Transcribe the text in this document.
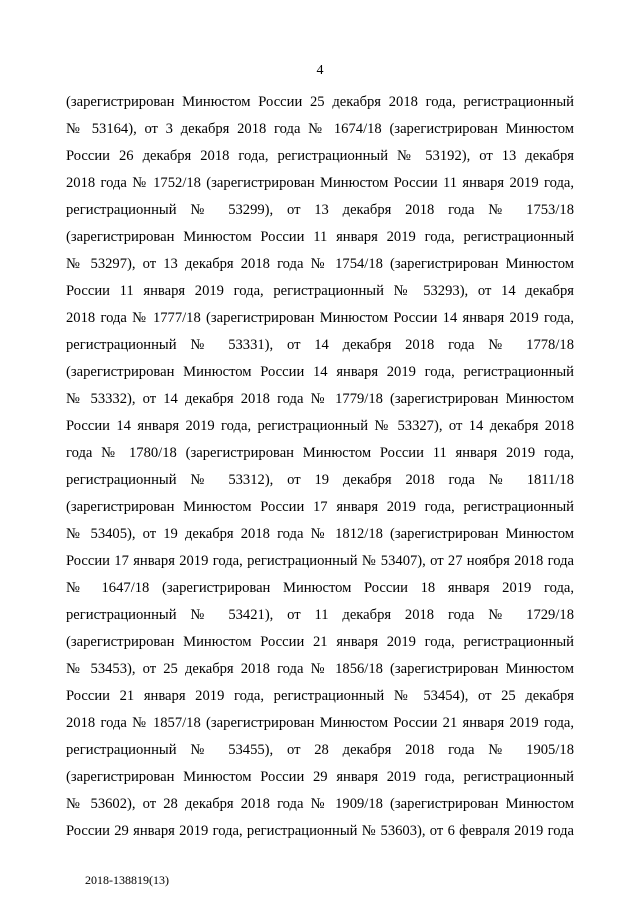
4
(зарегистрирован Минюстом России 25 декабря 2018 года, регистрационный
№ 53164), от 3 декабря 2018 года № 1674/18 (зарегистрирован Минюстом
России 26 декабря 2018 года, регистрационный № 53192), от 13 декабря
2018 года № 1752/18 (зарегистрирован Минюстом России 11 января 2019 года,
регистрационный № 53299), от 13 декабря 2018 года № 1753/18
(зарегистрирован Минюстом России 11 января 2019 года, регистрационный
№ 53297), от 13 декабря 2018 года № 1754/18 (зарегистрирован Минюстом
России 11 января 2019 года, регистрационный № 53293), от 14 декабря
2018 года № 1777/18 (зарегистрирован Минюстом России 14 января 2019 года,
регистрационный № 53331), от 14 декабря 2018 года № 1778/18
(зарегистрирован Минюстом России 14 января 2019 года, регистрационный
№ 53332), от 14 декабря 2018 года № 1779/18 (зарегистрирован Минюстом
России 14 января 2019 года, регистрационный № 53327), от 14 декабря 2018
года № 1780/18 (зарегистрирован Минюстом России 11 января 2019 года,
регистрационный № 53312), от 19 декабря 2018 года № 1811/18
(зарегистрирован Минюстом России 17 января 2019 года, регистрационный
№ 53405), от 19 декабря 2018 года № 1812/18 (зарегистрирован Минюстом
России 17 января 2019 года, регистрационный № 53407), от 27 ноября 2018 года
№ 1647/18 (зарегистрирован Минюстом России 18 января 2019 года,
регистрационный № 53421), от 11 декабря 2018 года № 1729/18
(зарегистрирован Минюстом России 21 января 2019 года, регистрационный
№ 53453), от 25 декабря 2018 года № 1856/18 (зарегистрирован Минюстом
России 21 января 2019 года, регистрационный № 53454), от 25 декабря
2018 года № 1857/18 (зарегистрирован Минюстом России 21 января 2019 года,
регистрационный № 53455), от 28 декабря 2018 года № 1905/18
(зарегистрирован Минюстом России 29 января 2019 года, регистрационный
№ 53602), от 28 декабря 2018 года № 1909/18 (зарегистрирован Минюстом
России 29 января 2019 года, регистрационный № 53603), от 6 февраля 2019 года
2018-138819(13)
